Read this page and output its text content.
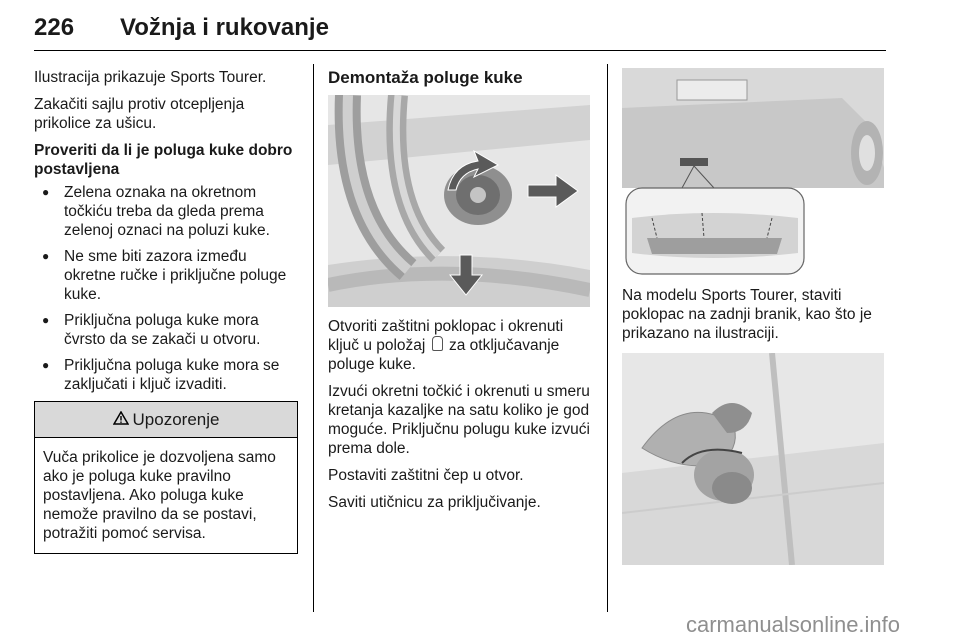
226 Vožnja i rukovanje

Ilustracija prikazuje Sports Tourer.

Zakačiti sajlu protiv otcepljenja prikolice za ušicu.

Proveriti da li je poluga kuke dobro postavljena
● Zelena oznaka na okretnom točkiću treba da gleda prema zelenoj oznaci na poluzi kuke.
● Ne sme biti zazora između okretne ručke i priključne poluge kuke.
● Priključna poluga kuke mora čvrsto da se zakači u otvoru.
● Priključna poluga kuke mora se zaključati i ključ izvaditi.
Upozorenje
Vuča prikolice je dozvoljena samo ako je poluga kuke pravilno postavljena. Ako poluga kuke nemože pravilno da se postavi, potražiti pomoć servisa.
Demontaža poluge kuke

Otvoriti zaštitni poklopac i okrenuti ključ u položaj za otključavanje poluge kuke.

Izvući okretni točkić i okrenuti u smeru kretanja kazaljke na satu koliko je god moguće. Priključnu polugu kuke izvući prema dole.

Postaviti zaštitni čep u otvor.

Saviti utičnicu za priključivanje.

Na modelu Sports Tourer, staviti poklopac na zadnji branik, kao što je prikazano na ilustraciji.

carmanualsonline.info
